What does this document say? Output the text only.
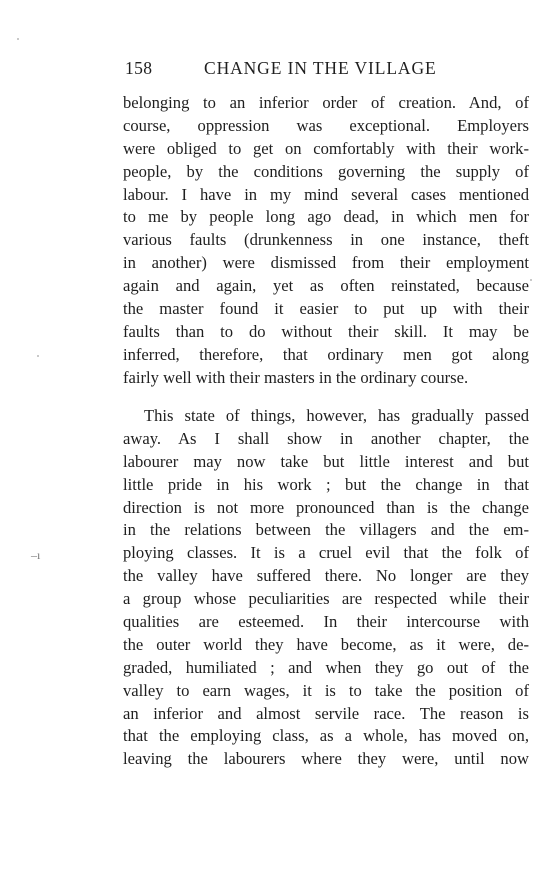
158	CHANGE IN THE VILLAGE
belonging to an inferior order of creation. And, of
course, oppression was exceptional. Employers
were obliged to get on comfortably with their work-
people, by the conditions governing the supply of
labour. I have in my mind several cases mentioned
to me by people long ago dead, in which men for
various faults (drunkenness in one instance, theft
in another) were dismissed from their employment
again and again, yet as often reinstated, because
the master found it easier to put up with their
faults than to do without their skill. It may be
inferred, therefore, that ordinary men got along
fairly well with their masters in the ordinary course.
This state of things, however, has gradually passed
away. As I shall show in another chapter, the
labourer may now take but little interest and but
little pride in his work ; but the change in that
direction is not more pronounced than is the change
in the relations between the villagers and the em-
ploying classes. It is a cruel evil that the folk of
the valley have suffered there. No longer are they
a group whose peculiarities are respected while their
qualities are esteemed. In their intercourse with
the outer world they have become, as it were, de-
graded, humiliated ; and when they go out of the
valley to earn wages, it is to take the position of
an inferior and almost servile race. The reason is
that the employing class, as a whole, has moved on,
leaving the labourers where they were, until now
–ı
